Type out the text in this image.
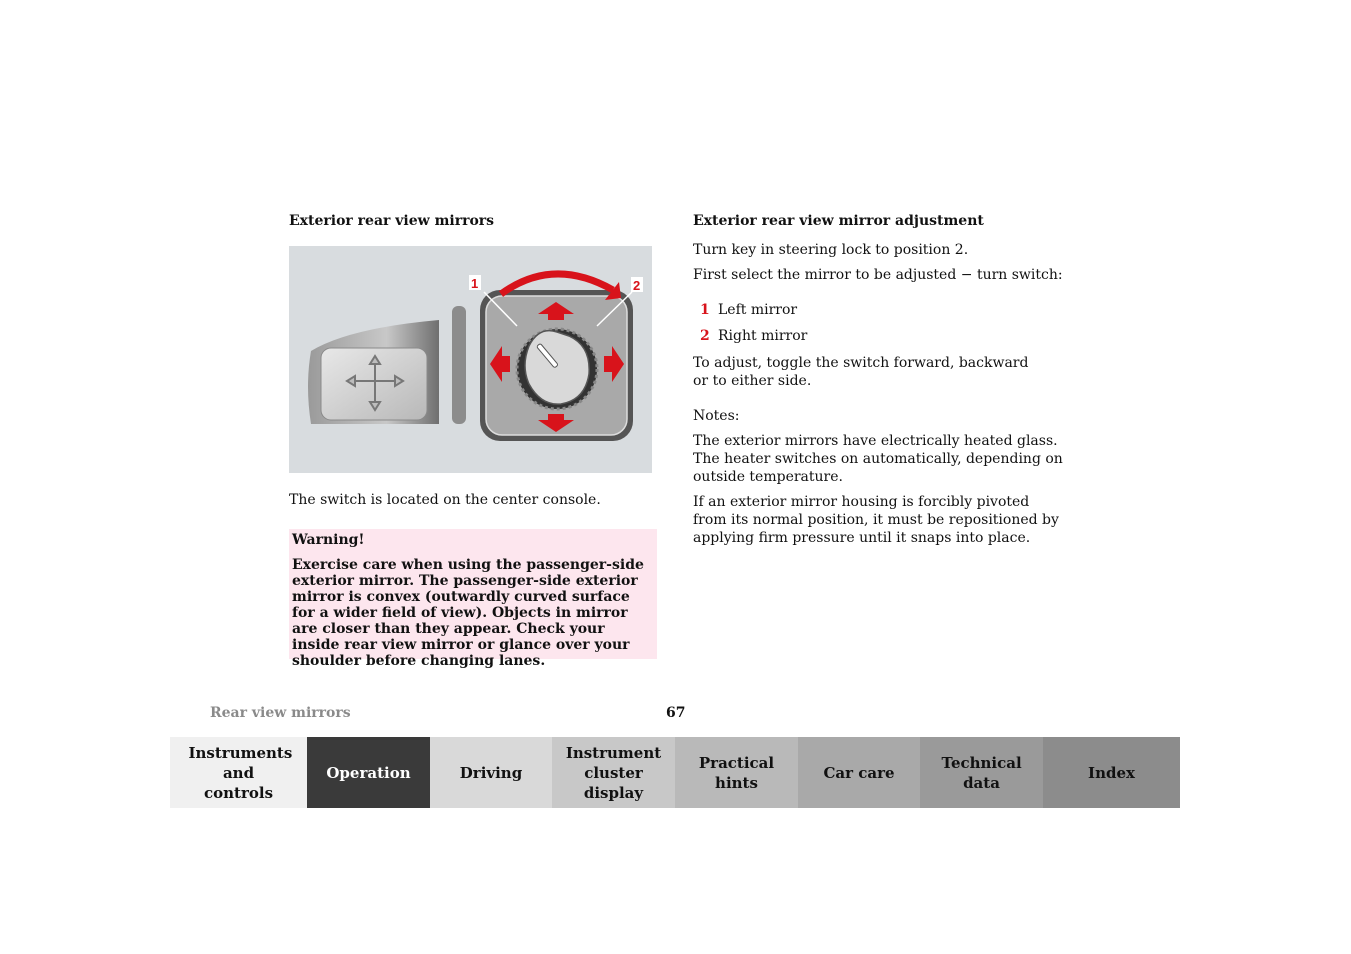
Exterior rear view mirrors
1	2

The switch is located on the center console.

Warning!
Exercise care when using the passenger-side exterior mirror. The passenger-side exterior mirror is convex (outwardly curved surface for a wider field of view). Objects in mirror are closer than they appear. Check your inside rear view mirror or glance over your shoulder before changing lanes.
Exterior rear view mirror adjustment

Turn key in steering lock to position 2.

First select the mirror to be adjusted − turn switch:

1 Left mirror
2 Right mirror

To adjust, toggle the switch forward, backward or to either side.

Notes:

The exterior mirrors have electrically heated glass. The heater switches on automatically, depending on outside temperature.

If an exterior mirror housing is forcibly pivoted from its normal position, it must be repositioned by applying firm pressure until it snaps into place.

Rear view mirrors	67
Instruments and controls
Operation	Driving
Instrument cluster display
Practical hints
Car care
Technical data
Index
